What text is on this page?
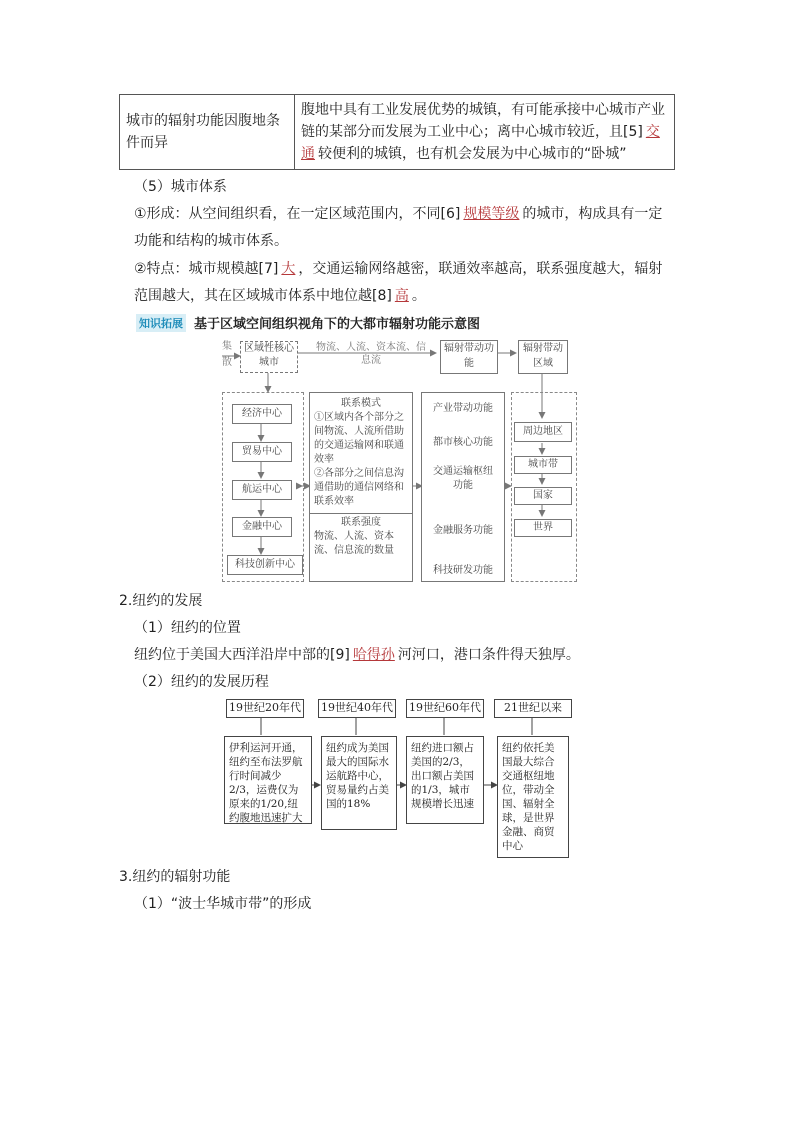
城市的辐射功能因腹地条件而异	腹地中具有工业发展优势的城镇，有可能承接中心城市产业链的某部分而发展为工业中心；离中心城市较近，且[5] 交通 较便利的城镇，也有机会发展为中心城市的“卧城”
（5）城市体系
①形成：从空间组织看，在一定区域范围内，不同[6] 规模等级 的城市，构成具有一定
功能和结构的城市体系。
②特点：城市规模越[7] 大 ，交通运输网络越密，联通效率越高，联系强度越大，辐射
范围越大，其在区域城市体系中地位越[8] 高 。
知识拓展 基于区域空间组织视角下的大都市辐射功能示意图
集
散
区域性核心城市
物流、人流、资本流、信息流
辐射带动功能
辐射带动区域
经济中心
贸易中心
航运中心
金融中心
科技创新中心
联系模式
①区域内各个部分之间物流、人流所借助的交通运输网和联通效率
②各部分之间信息沟通借助的通信网络和联系效率
联系强度
物流、人流、资本流、信息流的数量
产业带动功能
都市核心功能
交通运输枢纽功能
金融服务功能
科技研发功能
周边地区
城市带
国家
世界
2.纽约的发展
（1）纽约的位置
纽约位于美国大西洋沿岸中部的[9] 哈得孙 河河口，港口条件得天独厚。
（2）纽约的发展历程
19世纪20年代 19世纪40年代 19世纪60年代	21世纪以来
伊利运河开通，纽约至布法罗航行时间减少2/3，运费仅为原来的1/20,纽约腹地迅速扩大
纽约成为美国最大的国际水运航路中心，贸易量约占美国的18%
纽约进口额占美国的2/3，出口额占美国的1/3，城市规模增长迅速
纽约依托美国最大综合交通枢纽地位，带动全国、辐射全球，是世界金融、商贸中心
3.纽约的辐射功能
（1）“波士华城市带”的形成
